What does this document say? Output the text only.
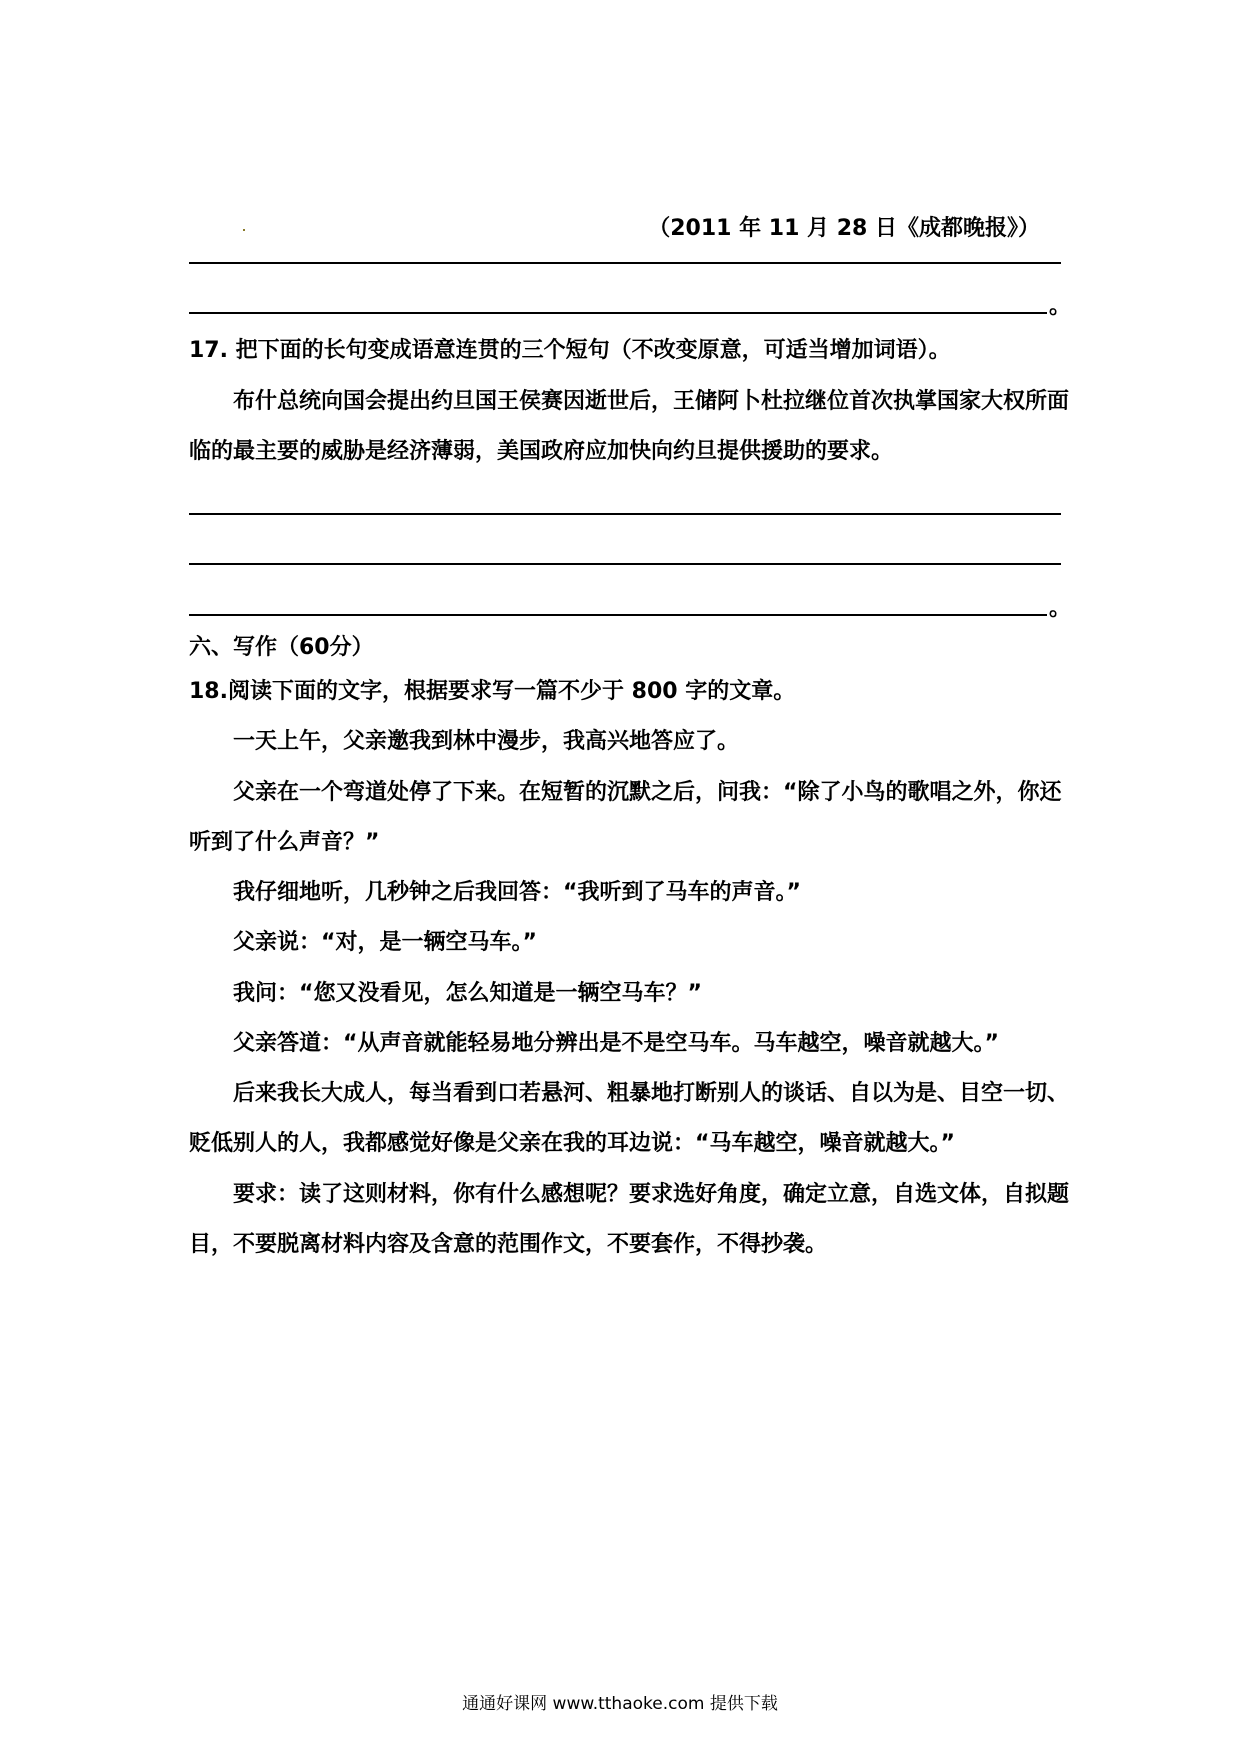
（2011 年 11 月 28 日《成都晚报》）
。
17. 把下面的长句变成语意连贯的三个短句（不改变原意，可适当增加词语）。
布什总统向国会提出约旦国王侯赛因逝世后，王储阿卜杜拉继位首次执掌国家大权所面
临的最主要的威胁是经济薄弱，美国政府应加快向约旦提供援助的要求。
。
六、写作（60分）
18.阅读下面的文字，根据要求写一篇不少于 800 字的文章。
一天上午，父亲邀我到林中漫步，我高兴地答应了。
父亲在一个弯道处停了下来。在短暂的沉默之后，问我：“除了小鸟的歌唱之外，你还
听到了什么声音？”
我仔细地听，几秒钟之后我回答：“我听到了马车的声音。”
父亲说：“对，是一辆空马车。”
我问：“您又没看见，怎么知道是一辆空马车？”
父亲答道：“从声音就能轻易地分辨出是不是空马车。马车越空，噪音就越大。”
后来我长大成人，每当看到口若悬河、粗暴地打断别人的谈话、自以为是、目空一切、
贬低别人的人，我都感觉好像是父亲在我的耳边说：“马车越空，噪音就越大。”
要求：读了这则材料，你有什么感想呢？要求选好角度，确定立意，自选文体，自拟题
目，不要脱离材料内容及含意的范围作文，不要套作，不得抄袭。
通通好课网 www.tthaoke.com 提供下载
